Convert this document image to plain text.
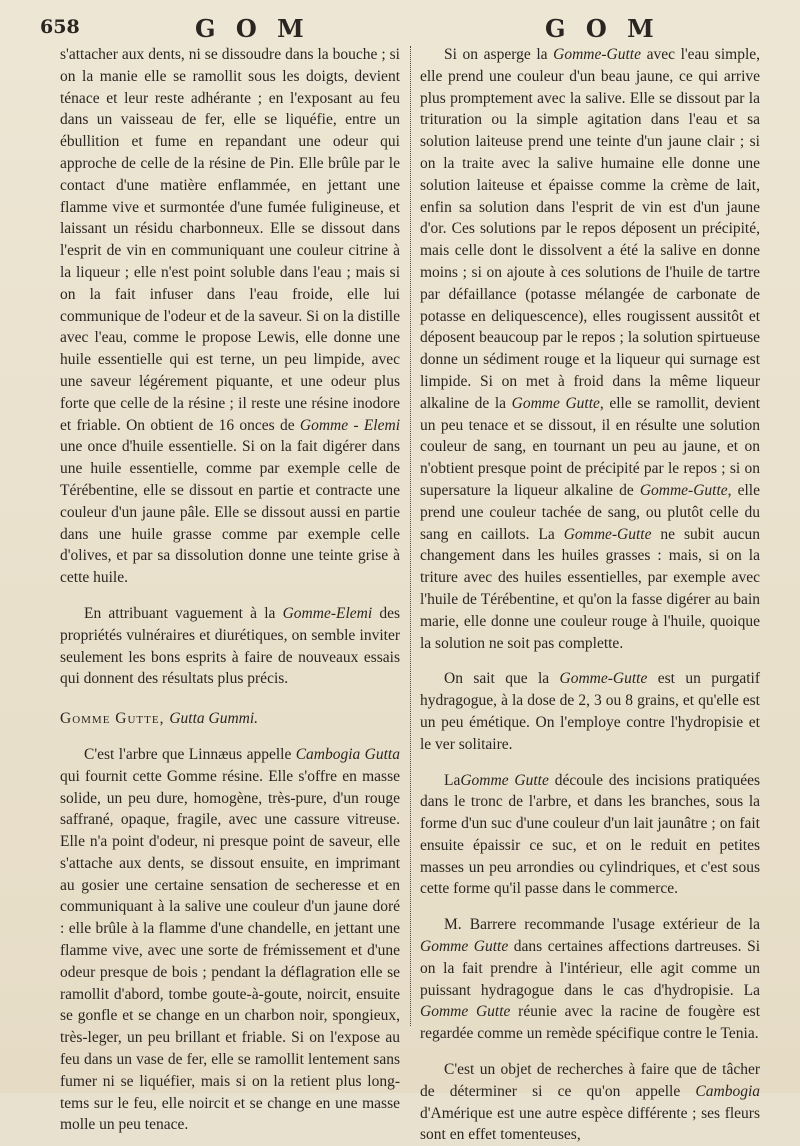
658	G O M	G O M

s'attacher aux dents, ni se dissoudre dans la bouche ; si on la manie elle se ramollit sous les doigts, devient ténace et leur reste adhérante ; en l'exposant au feu dans un vaisseau de fer, elle se liquéfie, entre un ébullition et fume en repandant une odeur qui approche de celle de la résine de Pin. Elle brûle par le contact d'une matière enflammée, en jettant une flamme vive et surmontée d'une fumée fuligineuse, et laissant un résidu charbonneux. Elle se dissout dans l'esprit de vin en communiquant une couleur citrine à la liqueur ; elle n'est point soluble dans l'eau ; mais si on la fait infuser dans l'eau froide, elle lui communique de l'odeur et de la saveur. Si on la distille avec l'eau, comme le propose Lewis, elle donne une huile essentielle qui est terne, un peu limpide, avec une saveur légérement piquante, et une odeur plus forte que celle de la résine ; il reste une résine inodore et friable. On obtient de 16 onces de Gomme - Elemi une once d'huile essentielle. Si on la fait digérer dans une huile essentielle, comme par exemple celle de Térébentine, elle se dissout en partie et contracte une couleur d'un jaune pâle. Elle se dissout aussi en partie dans une huile grasse comme par exemple celle d'olives, et par sa dissolution donne une teinte grise à cette huile.

En attribuant vaguement à la Gomme-Elemi des propriétés vulnéraires et diurétiques, on semble inviter seulement les bons esprits à faire de nouveaux essais qui donnent des résultats plus précis.

Gomme Gutte, Gutta Gummi.

C'est l'arbre que Linnæus appelle Cambogia Gutta qui fournit cette Gomme résine. Elle s'offre en masse solide, un peu dure, homogène, très-pure, d'un rouge saffrané, opaque, fragile, avec une cassure vitreuse. Elle n'a point d'odeur, ni presque point de saveur, elle s'attache aux dents, se dissout ensuite, en imprimant au gosier une certaine sensation de secheresse et en communiquant à la salive une couleur d'un jaune doré : elle brûle à la flamme d'une chandelle, en jettant une flamme vive, avec une sorte de frémissement et d'une odeur presque de bois ; pendant la déflagration elle se ramollit d'abord, tombe goute-à-goute, noircit, ensuite se gonfle et se change en un charbon noir, spongieux, très-leger, un peu brillant et friable. Si on l'expose au feu dans un vase de fer, elle se ramollit lentement sans fumer ni se liquéfier, mais si on la retient plus long-tems sur le feu, elle noircit et se change en une masse molle un peu tenace.

Si on asperge la Gomme-Gutte avec l'eau simple, elle prend une couleur d'un beau jaune, ce qui arrive plus promptement avec la salive. Elle se dissout par la trituration ou la simple agitation dans l'eau et sa solution laiteuse prend une teinte d'un jaune clair ; si on la traite avec la salive humaine elle donne une solution laiteuse et épaisse comme la crème de lait, enfin sa solution dans l'esprit de vin est d'un jaune d'or. Ces solutions par le repos déposent un précipité, mais celle dont le dissolvent a été la salive en donne moins ; si on ajoute à ces solutions de l'huile de tartre par défaillance (potasse mélangée de carbonate de potasse en deliquescence), elles rougissent aussitôt et déposent beaucoup par le repos ; la solution spirtueuse donne un sédiment rouge et la liqueur qui surnage est limpide. Si on met à froid dans la même liqueur alkaline de la Gomme Gutte, elle se ramollit, devient un peu tenace et se dissout, il en résulte une solution couleur de sang, en tournant un peu au jaune, et on n'obtient presque point de précipité par le repos ; si on supersature la liqueur alkaline de Gomme-Gutte, elle prend une couleur tachée de sang, ou plutôt celle du sang en caillots. La Gomme-Gutte ne subit aucun changement dans les huiles grasses : mais, si on la triture avec des huiles essentielles, par exemple avec l'huile de Térébentine, et qu'on la fasse digérer au bain marie, elle donne une couleur rouge à l'huile, quoique la solution ne soit pas complette.

On sait que la Gomme-Gutte est un purgatif hydragogue, à la dose de 2, 3 ou 8 grains, et qu'elle est un peu émétique. On l'employe contre l'hydropisie et le ver solitaire.

LaGomme Gutte découle des incisions pratiquées dans le tronc de l'arbre, et dans les branches, sous la forme d'un suc d'une couleur d'un lait jaunâtre ; on fait ensuite épaissir ce suc, et on le reduit en petites masses un peu arrondies ou cylindriques, et c'est sous cette forme qu'il passe dans le commerce.

M. Barrere recommande l'usage extérieur de la Gomme Gutte dans certaines affections dartreuses. Si on la fait prendre à l'intérieur, elle agit comme un puissant hydragogue dans le cas d'hydropisie. La Gomme Gutte réunie avec la racine de fougère est regardée comme un remède spécifique contre le Tenia.

C'est un objet de recherches à faire que de tâcher de déterminer si ce qu'on appelle Cambogia d'Amérique est une autre espèce différente ; ses fleurs sont en effet tomenteuses,
